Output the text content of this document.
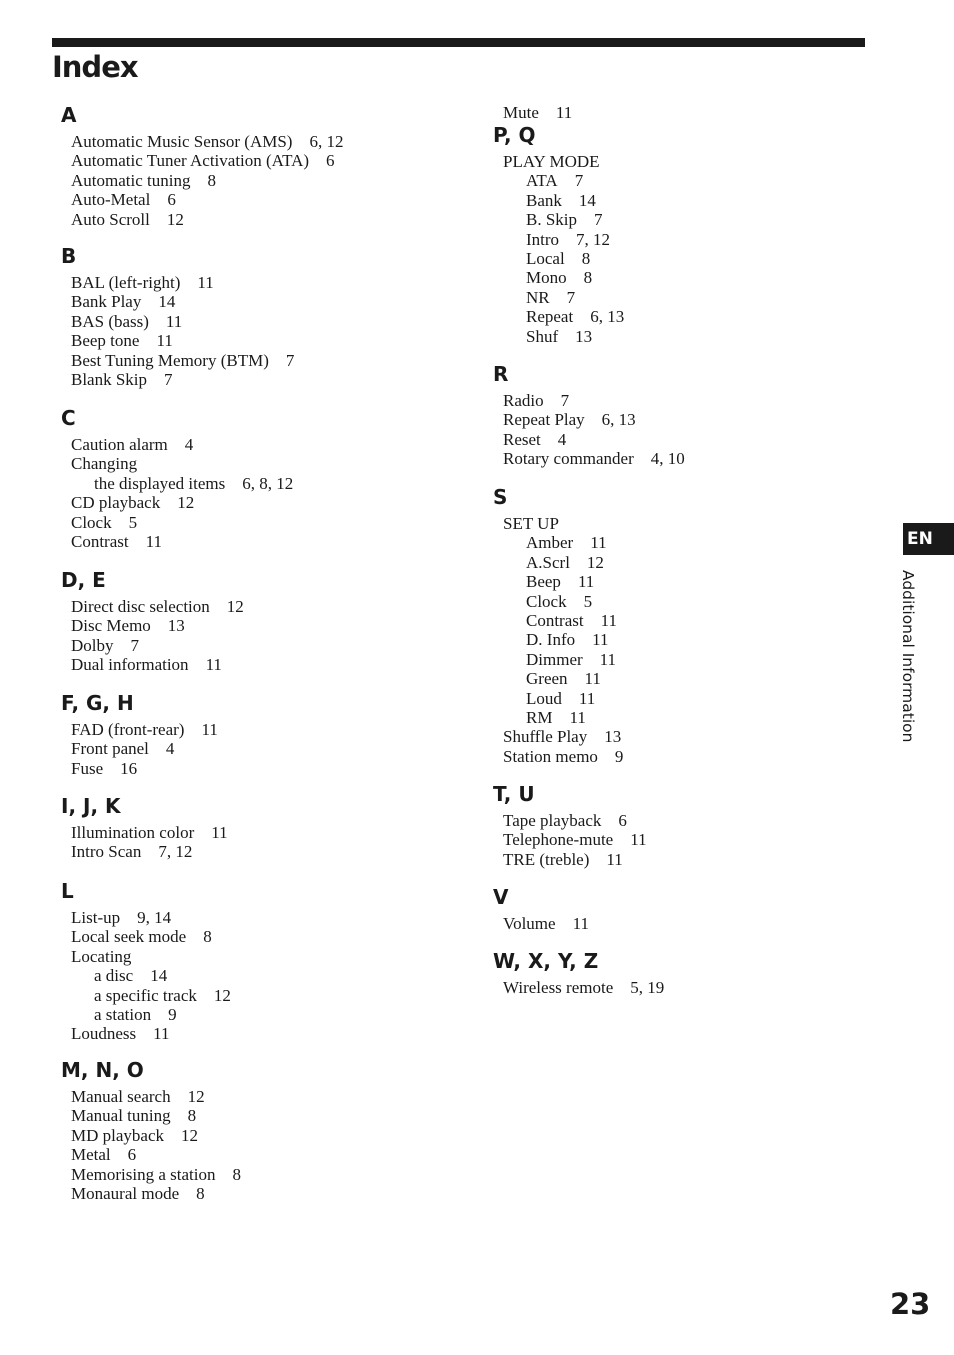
Index
A
Automatic Music Sensor (AMS) 6, 12
Automatic Tuner Activation (ATA) 6
Automatic tuning 8
Auto-Metal 6
Auto Scroll 12
B
BAL (left-right) 11
Bank Play 14
BAS (bass) 11
Beep tone 11
Best Tuning Memory (BTM) 7
Blank Skip 7
C
Caution alarm 4
Changing
the displayed items 6, 8, 12
CD playback 12
Clock 5
Contrast 11
D, E
Direct disc selection 12
Disc Memo 13
Dolby 7
Dual information 11
F, G, H
FAD (front-rear) 11
Front panel 4
Fuse 16
I, J, K
Illumination color 11
Intro Scan 7, 12
L
List-up 9, 14
Local seek mode 8
Locating
a disc 14
a specific track 12
a station 9
Loudness 11
M, N, O
Manual search 12
Manual tuning 8
MD playback 12
Metal 6
Memorising a station 8
Monaural mode 8
Mute 11
P, Q
PLAY MODE
ATA 7
Bank 14
B. Skip 7
Intro 7, 12
Local 8
Mono 8
NR 7
Repeat 6, 13
Shuf 13
R
Radio 7
Repeat Play 6, 13
Reset 4
Rotary commander 4, 10
S
SET UP
Amber 11
A.Scrl 12
Beep 11
Clock 5
Contrast 11
D. Info 11
Dimmer 11
Green 11
Loud 11
RM 11
Shuffle Play 13
Station memo 9
T, U
Tape playback 6
Telephone-mute 11
TRE (treble) 11
V
Volume 11
W, X, Y, Z
Wireless remote 5, 19
EN
Additional Information
23
